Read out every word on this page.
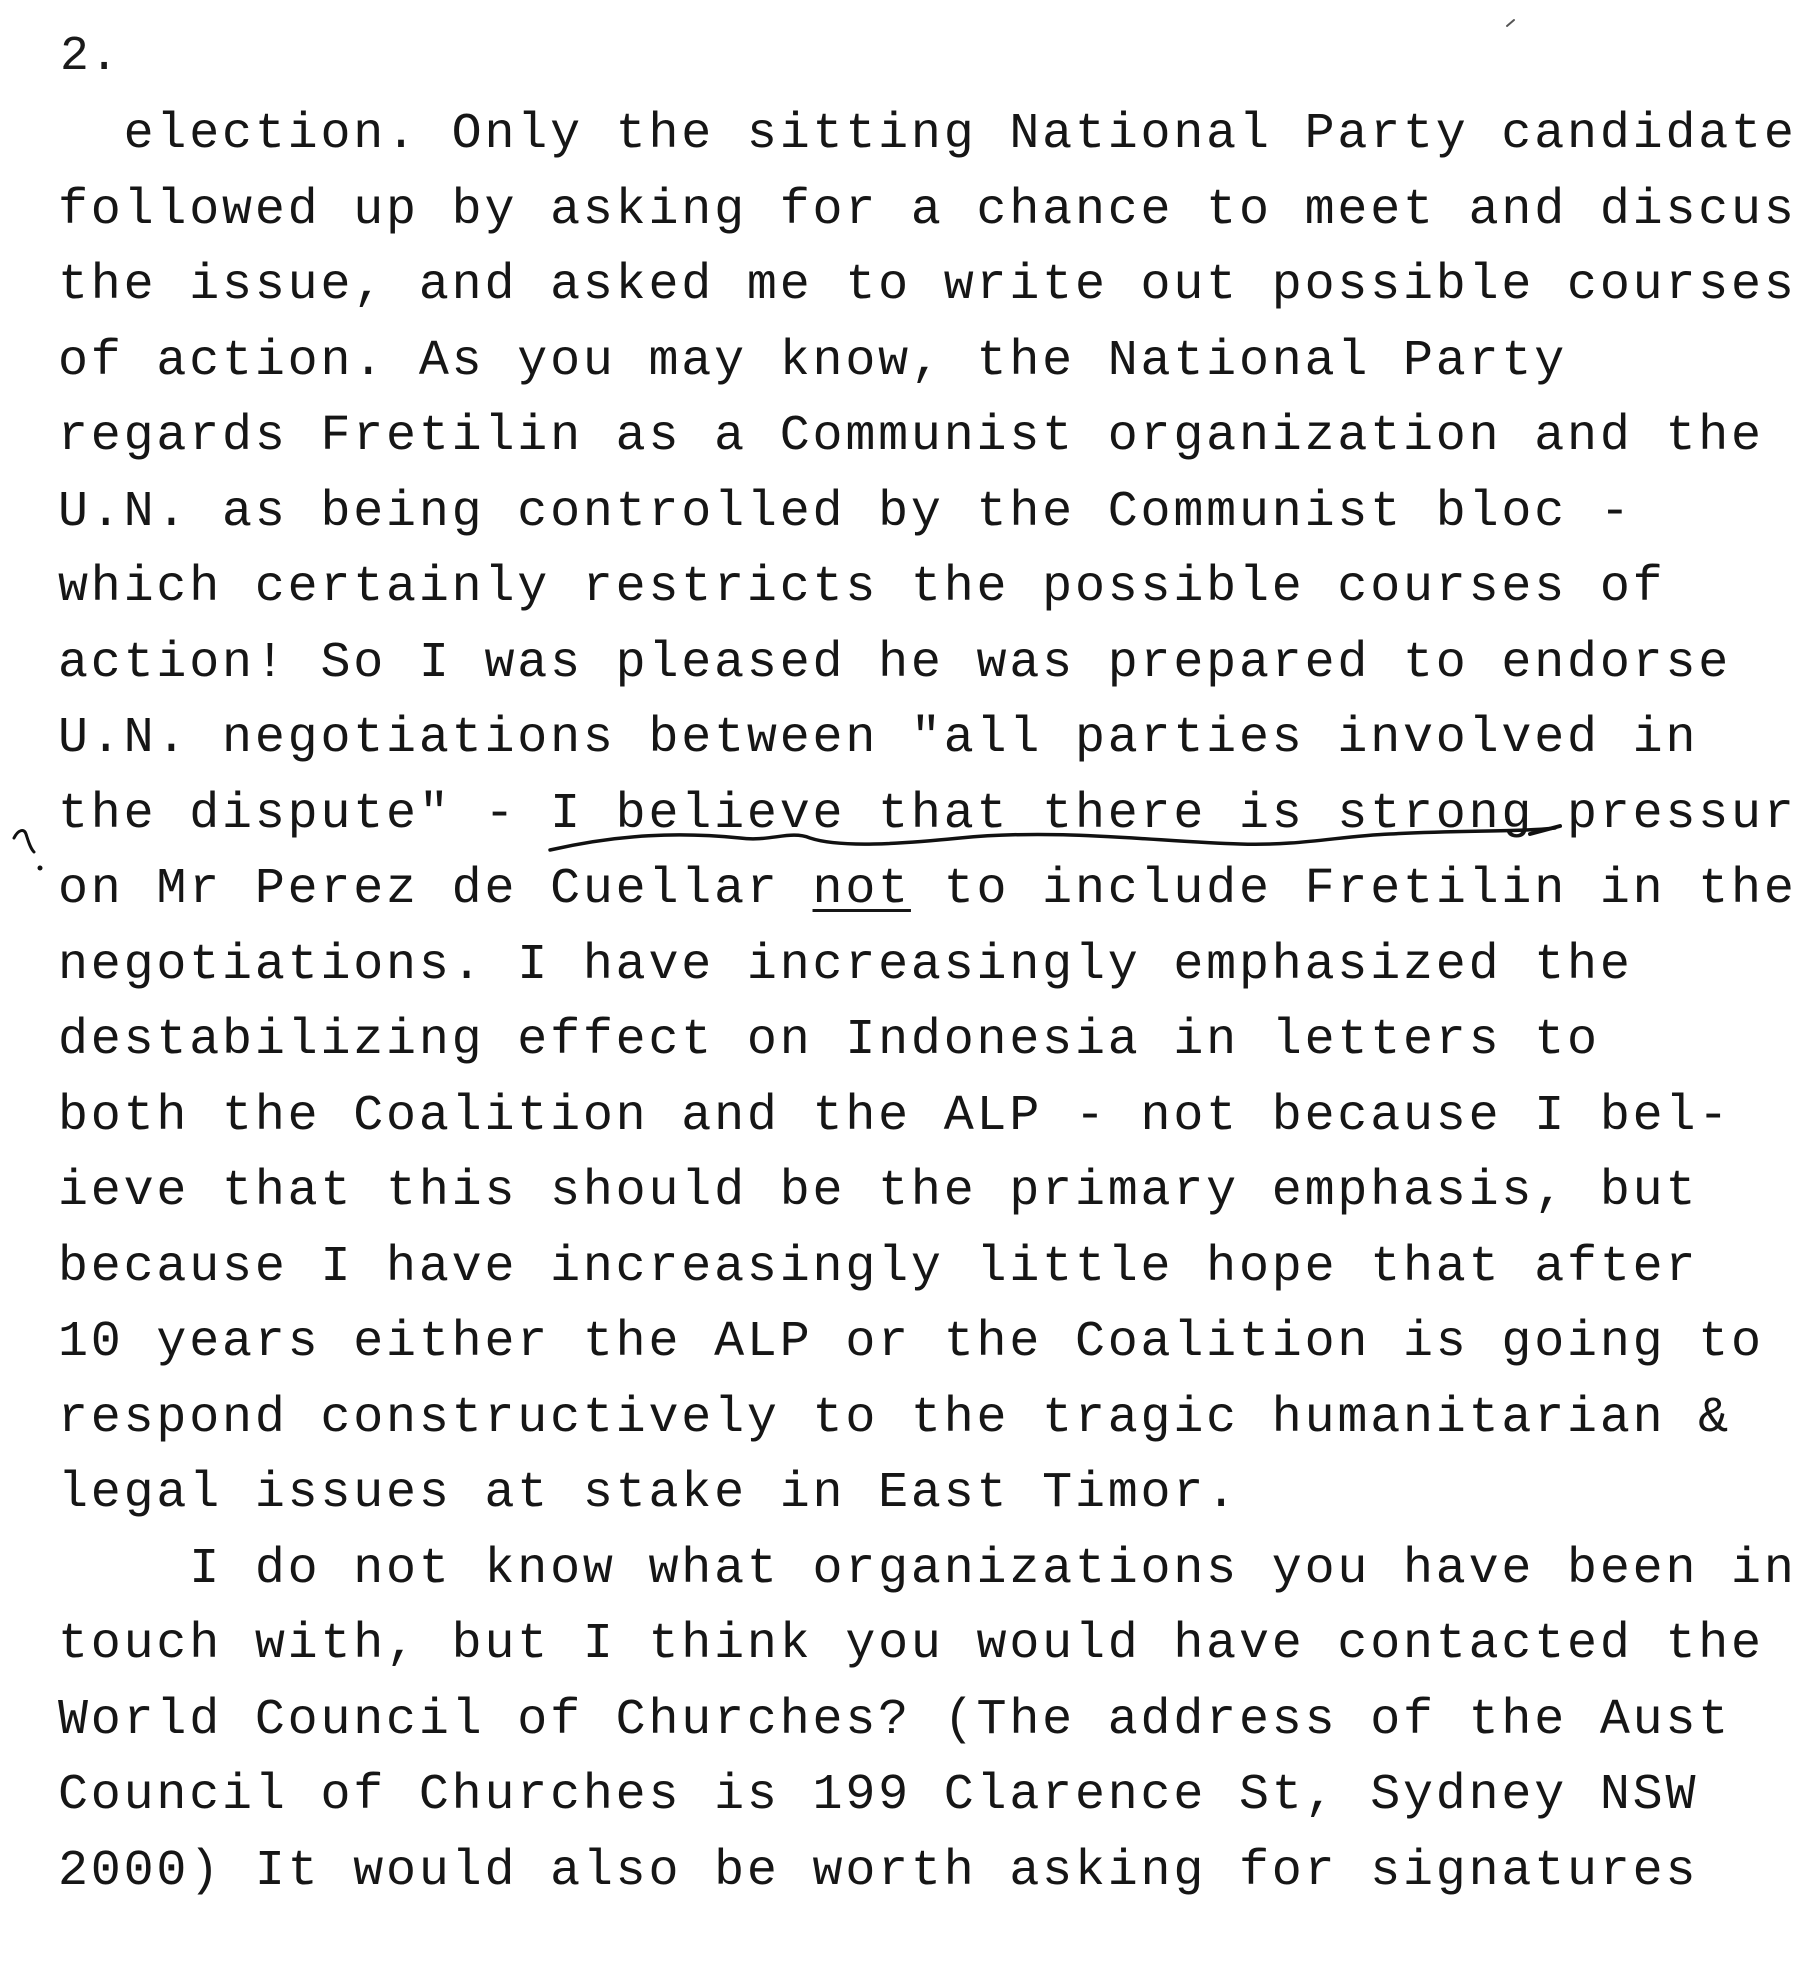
2.
election. Only the sitting National Party candidate
followed up by asking for a chance to meet and discus
the issue, and asked me to write out possible courses
of action. As you may know, the National Party
regards Fretilin as a Communist organization and the
U.N. as being controlled by the Communist bloc -
which certainly restricts the possible courses of
action! So I was pleased he was prepared to endorse
U.N. negotiations between "all parties involved in
the dispute" - I believe that there is strong pressur
on Mr Perez de Cuellar not to include Fretilin in the
negotiations. I have increasingly emphasized the
destabilizing effect on Indonesia in letters to
both the Coalition and the ALP - not because I bel-
ieve that this should be the primary emphasis, but
because I have increasingly little hope that after
10 years either the ALP or the Coalition is going to
respond constructively to the tragic humanitarian &
legal issues at stake in East Timor.
I do not know what organizations you have been in
touch with, but I think you would have contacted the
World Council of Churches? (The address of the Aust
Council of Churches is 199 Clarence St, Sydney NSW
2000) It would also be worth asking for signatures
